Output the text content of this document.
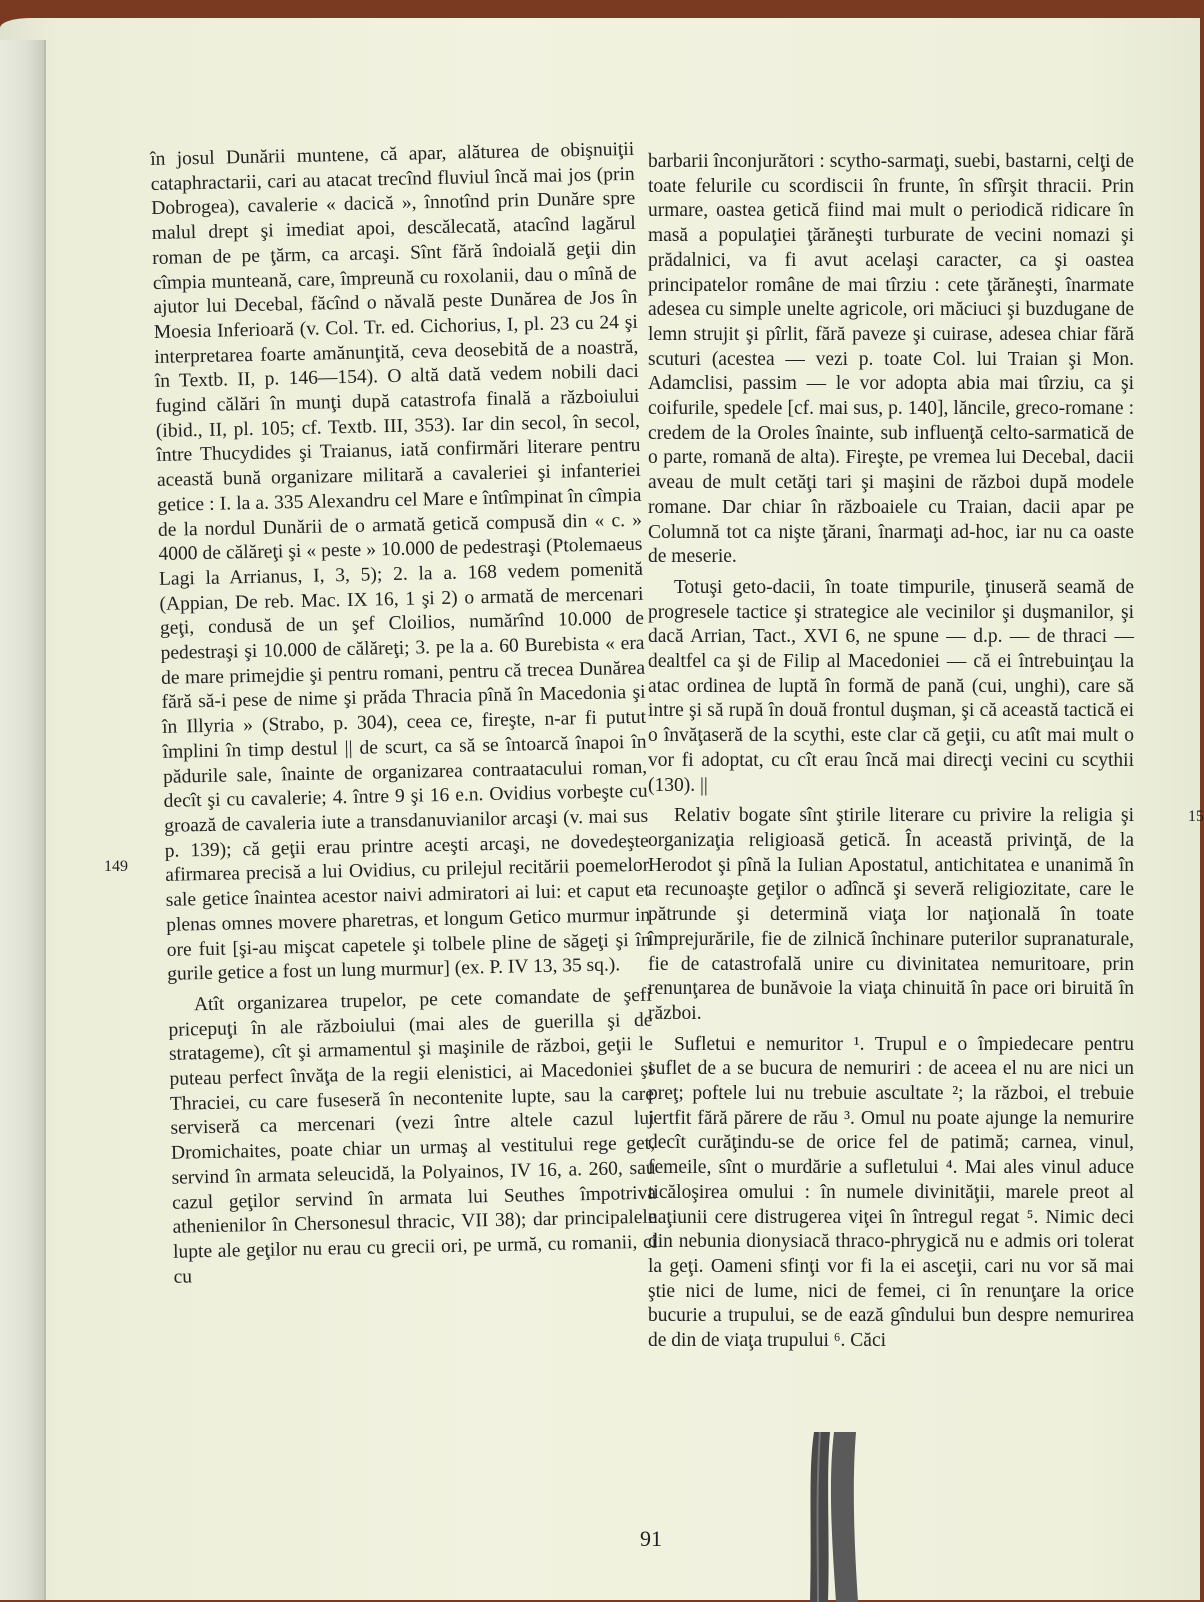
în josul Dunării muntene, că apar, alăturea de obişnuiţii cataphractarii, cari au atacat trecînd fluviul încă mai jos (prin Dobrogea), cavalerie « dacică », înnotînd prin Dunăre spre malul drept şi imediat apoi, descălecată, atacînd lagărul roman de pe ţărm, ca arcaşi. Sînt fără îndoială geţii din cîmpia munteană, care, împreună cu roxolanii, dau o mînă de ajutor lui Decebal, făcînd o năvală peste Dunărea de Jos în Moesia Inferioară (v. Col. Tr. ed. Cichorius, I, pl. 23 cu 24 şi interpretarea foarte amănunţită, ceva deosebită de a noastră, în Textb. II, p. 146—154). O altă dată vedem nobili daci fugind călări în munţi după catastrofa finală a războiului (ibid., II, pl. 105; cf. Textb. III, 353). Iar din secol, în secol, între Thucydides şi Traianus, iată confirmări literare pentru această bună organizare militară a cavaleriei şi infanteriei getice : I. la a. 335 Alexandru cel Mare e întîmpinat în cîmpia de la nordul Dunării de o armată getică compusă din « c. » 4000 de călăreţi şi « peste » 10.000 de pedestraşi (Ptolemaeus Lagi la Arrianus, I, 3, 5); 2. la a. 168 vedem pomenită (Appian, De reb. Mac. IX 16, 1 şi 2) o armată de mercenari geţi, condusă de un şef Cloilios, numărînd 10.000 de pedestraşi şi 10.000 de călăreţi; 3. pe la a. 60 Burebista « era de mare primejdie şi pentru romani, pentru că trecea Dunărea fără să-i pese de nime şi prăda Thracia pînă în Macedonia şi în Illyria » (Strabo, p. 304), ceea ce, fireşte, n-ar fi putut împlini în timp destul || de scurt, ca să se întoarcă înapoi în pădurile sale, înainte de organizarea contraatacului roman, decît şi cu cavalerie; 4. între 9 şi 16 e.n. Ovidius vorbeşte cu groază de cavaleria iute a transdanuvianilor arcaşi (v. mai sus p. 139); că geţii erau printre aceşti arcaşi, ne dovedeşte afirmarea precisă a lui Ovidius, cu prilejul recitării poemelor sale getice înaintea acestor naivi admiratori ai lui: et caput et plenas omnes movere pharetras, et longum Getico murmur in ore fuit [şi-au mişcat capetele şi tolbele pline de săgeţi şi în gurile getice a fost un lung murmur] (ex. P. IV 13, 35 sq.).

Atît organizarea trupelor, pe cete comandate de şefi pricepuţi în ale războiului (mai ales de guerilla şi de stratageme), cît şi armamentul şi maşinile de război, geţii le puteau perfect învăţa de la regii elenistici, ai Macedoniei şi Thraciei, cu care fuseseră în necontenite lupte, sau la care serviseră ca mercenari (vezi între altele cazul lui Dromichaites, poate chiar un urmaş al vestitului rege get, servind în armata seleucidă, la Polyainos, IV 16, a. 260, sau cazul geţilor servind în armata lui Seuthes împotriva athenienilor în Chersonesul thracic, VII 38); dar principalele lupte ale geţilor nu erau cu grecii ori, pe urmă, cu romanii, ci cu

barbarii înconjurători : scytho-sarmaţi, suebi, bastarni, celţi de toate felurile cu scordiscii în frunte, în sfîrşit thracii. Prin urmare, oastea getică fiind mai mult o periodică ridicare în masă a populaţiei ţărăneşti turburate de vecini nomazi şi prădalnici, va fi avut acelaşi caracter, ca şi oastea principatelor române de mai tîrziu : cete ţărăneşti, înarmate adesea cu simple unelte agricole, ori măciuci şi buzdugane de lemn strujit şi pîrlit, fără paveze şi cuirase, adesea chiar fără scuturi (acestea — vezi p. toate Col. lui Traian şi Mon. Adamclisi, passim — le vor adopta abia mai tîrziu, ca şi coifurile, spedele [cf. mai sus, p. 140], lăncile, greco-romane : credem de la Oroles înainte, sub influenţă celto-sarmatică de o parte, romană de alta). Fireşte, pe vremea lui Decebal, dacii aveau de mult cetăţi tari şi maşini de război după modele romane. Dar chiar în războaiele cu Traian, dacii apar pe Columnă tot ca nişte ţărani, înarmaţi ad-hoc, iar nu ca oaste de meserie.

Totuşi geto-dacii, în toate timpurile, ţinuseră seamă de progresele tactice şi strategice ale vecinilor şi duşmanilor, şi dacă Arrian, Tact., XVI 6, ne spune — d.p. — de thraci — dealtfel ca şi de Filip al Macedoniei — că ei întrebuinţau la atac ordinea de luptă în formă de pană (cui, unghi), care să intre şi să rupă în două frontul duşman, şi că această tactică ei o învăţaseră de la scythi, este clar că geţii, cu atît mai mult o vor fi adoptat, cu cît erau încă mai direcţi vecini cu scythii (130). ||

Relativ bogate sînt ştirile literare cu privire la religia şi organizaţia religioasă getică. În această privinţă, de la Herodot şi pînă la Iulian Apostatul, antichitatea e unanimă în a recunoaşte geţilor o adîncă şi severă religiozitate, care le pătrunde şi determină viaţa lor naţională în toate împrejurările, fie de zilnică închinare puterilor supranaturale, fie de catastrofală unire cu divinitatea nemuritoare, prin renunţarea de bunăvoie la viaţa chinuită în pace ori biruită în război.

Sufletui e nemuritor ¹. Trupul e o împiedecare pentru suflet de a se bucura de nemuriri : de aceea el nu are nici un preţ; poftele lui nu trebuie ascultate ²; la război, el trebuie jertfit fără părere de rău ³. Omul nu poate ajunge la nemurire decît curăţindu-se de orice fel de patimă; carnea, vinul, femeile, sînt o murdărie a sufletului ⁴. Mai ales vinul aduce ticăloşirea omului : în numele divinităţii, marele preot al naţiunii cere distrugerea viţei în întregul regat ⁵. Nimic deci din nebunia dionysiacă thraco-phrygică nu e admis ori tolerat la geţi. Oameni sfinţi vor fi la ei asceţii, cari nu vor să mai ştie nici de lume, nici de femei, ci în renunţare la orice bucurie a trupului, se de ează gîndului bun despre nemurirea de din de viaţa trupului ⁶. Căci

149
15
91
